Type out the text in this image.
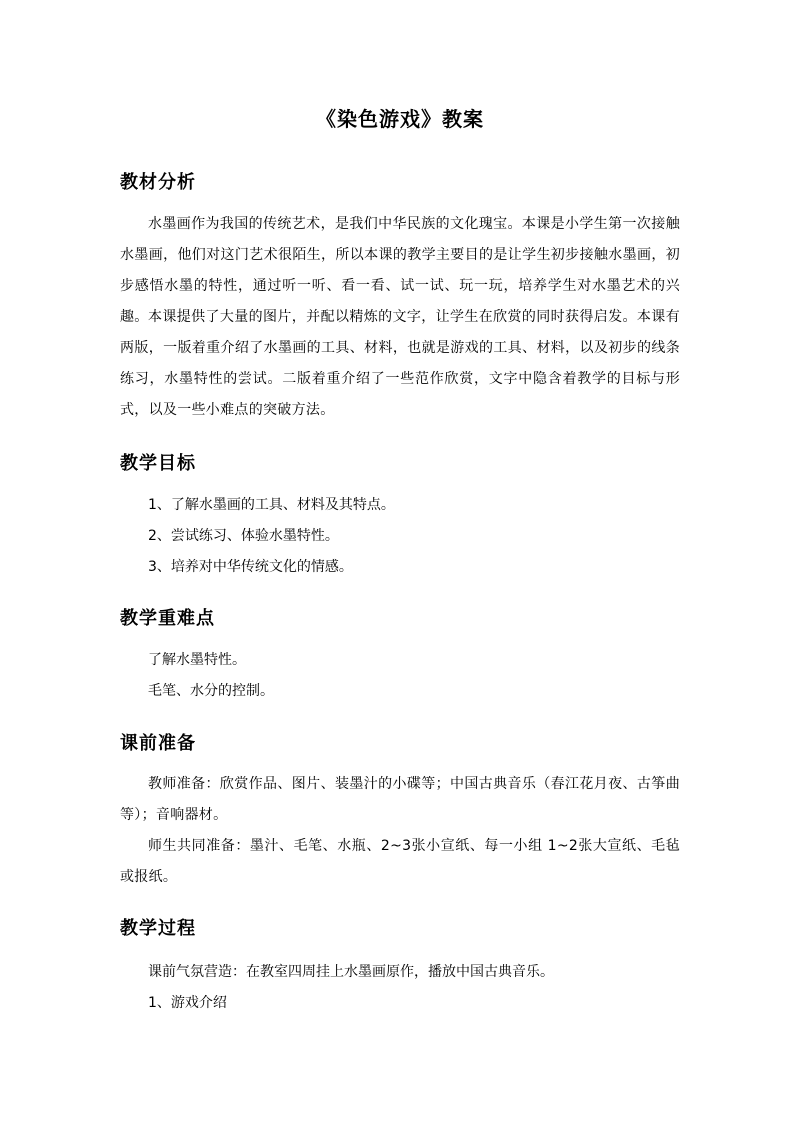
《染色游戏》教案
教材分析

水墨画作为我国的传统艺术，是我们中华民族的文化瑰宝。本课是小学生第一次接触水墨画，他们对这门艺术很陌生，所以本课的教学主要目的是让学生初步接触水墨画，初步感悟水墨的特性，通过听一听、看一看、试一试、玩一玩，培养学生对水墨艺术的兴趣。 本课提供了大量的图片，并配以精炼的文字，让学生在欣赏的同时获得启发。本课有两版，一版着重介绍了水墨画的工具、材料，也就是游戏的工具、材料，以及初步的线条练习，水墨特性的尝试。二版着重介绍了一些范作欣赏，文字中隐含着教学的目标与形式，以及一些小难点的突破方法。

教学目标

1、了解水墨画的工具、材料及其特点。

2、尝试练习、体验水墨特性。

3、培养对中华传统文化的情感。

教学重难点

了解水墨特性。

毛笔、水分的控制。

课前准备

教师准备：欣赏作品、图片、装墨汁的小碟等；中国古典音乐（春江花月夜、古筝曲等）；音响器材。

师生共同准备：墨汁、毛笔、水瓶、2~3张小宣纸、每一小组 1~2张大宣纸、毛毡或报纸。

教学过程

课前气氛营造：在教室四周挂上水墨画原作，播放中国古典音乐。

1、游戏介绍
